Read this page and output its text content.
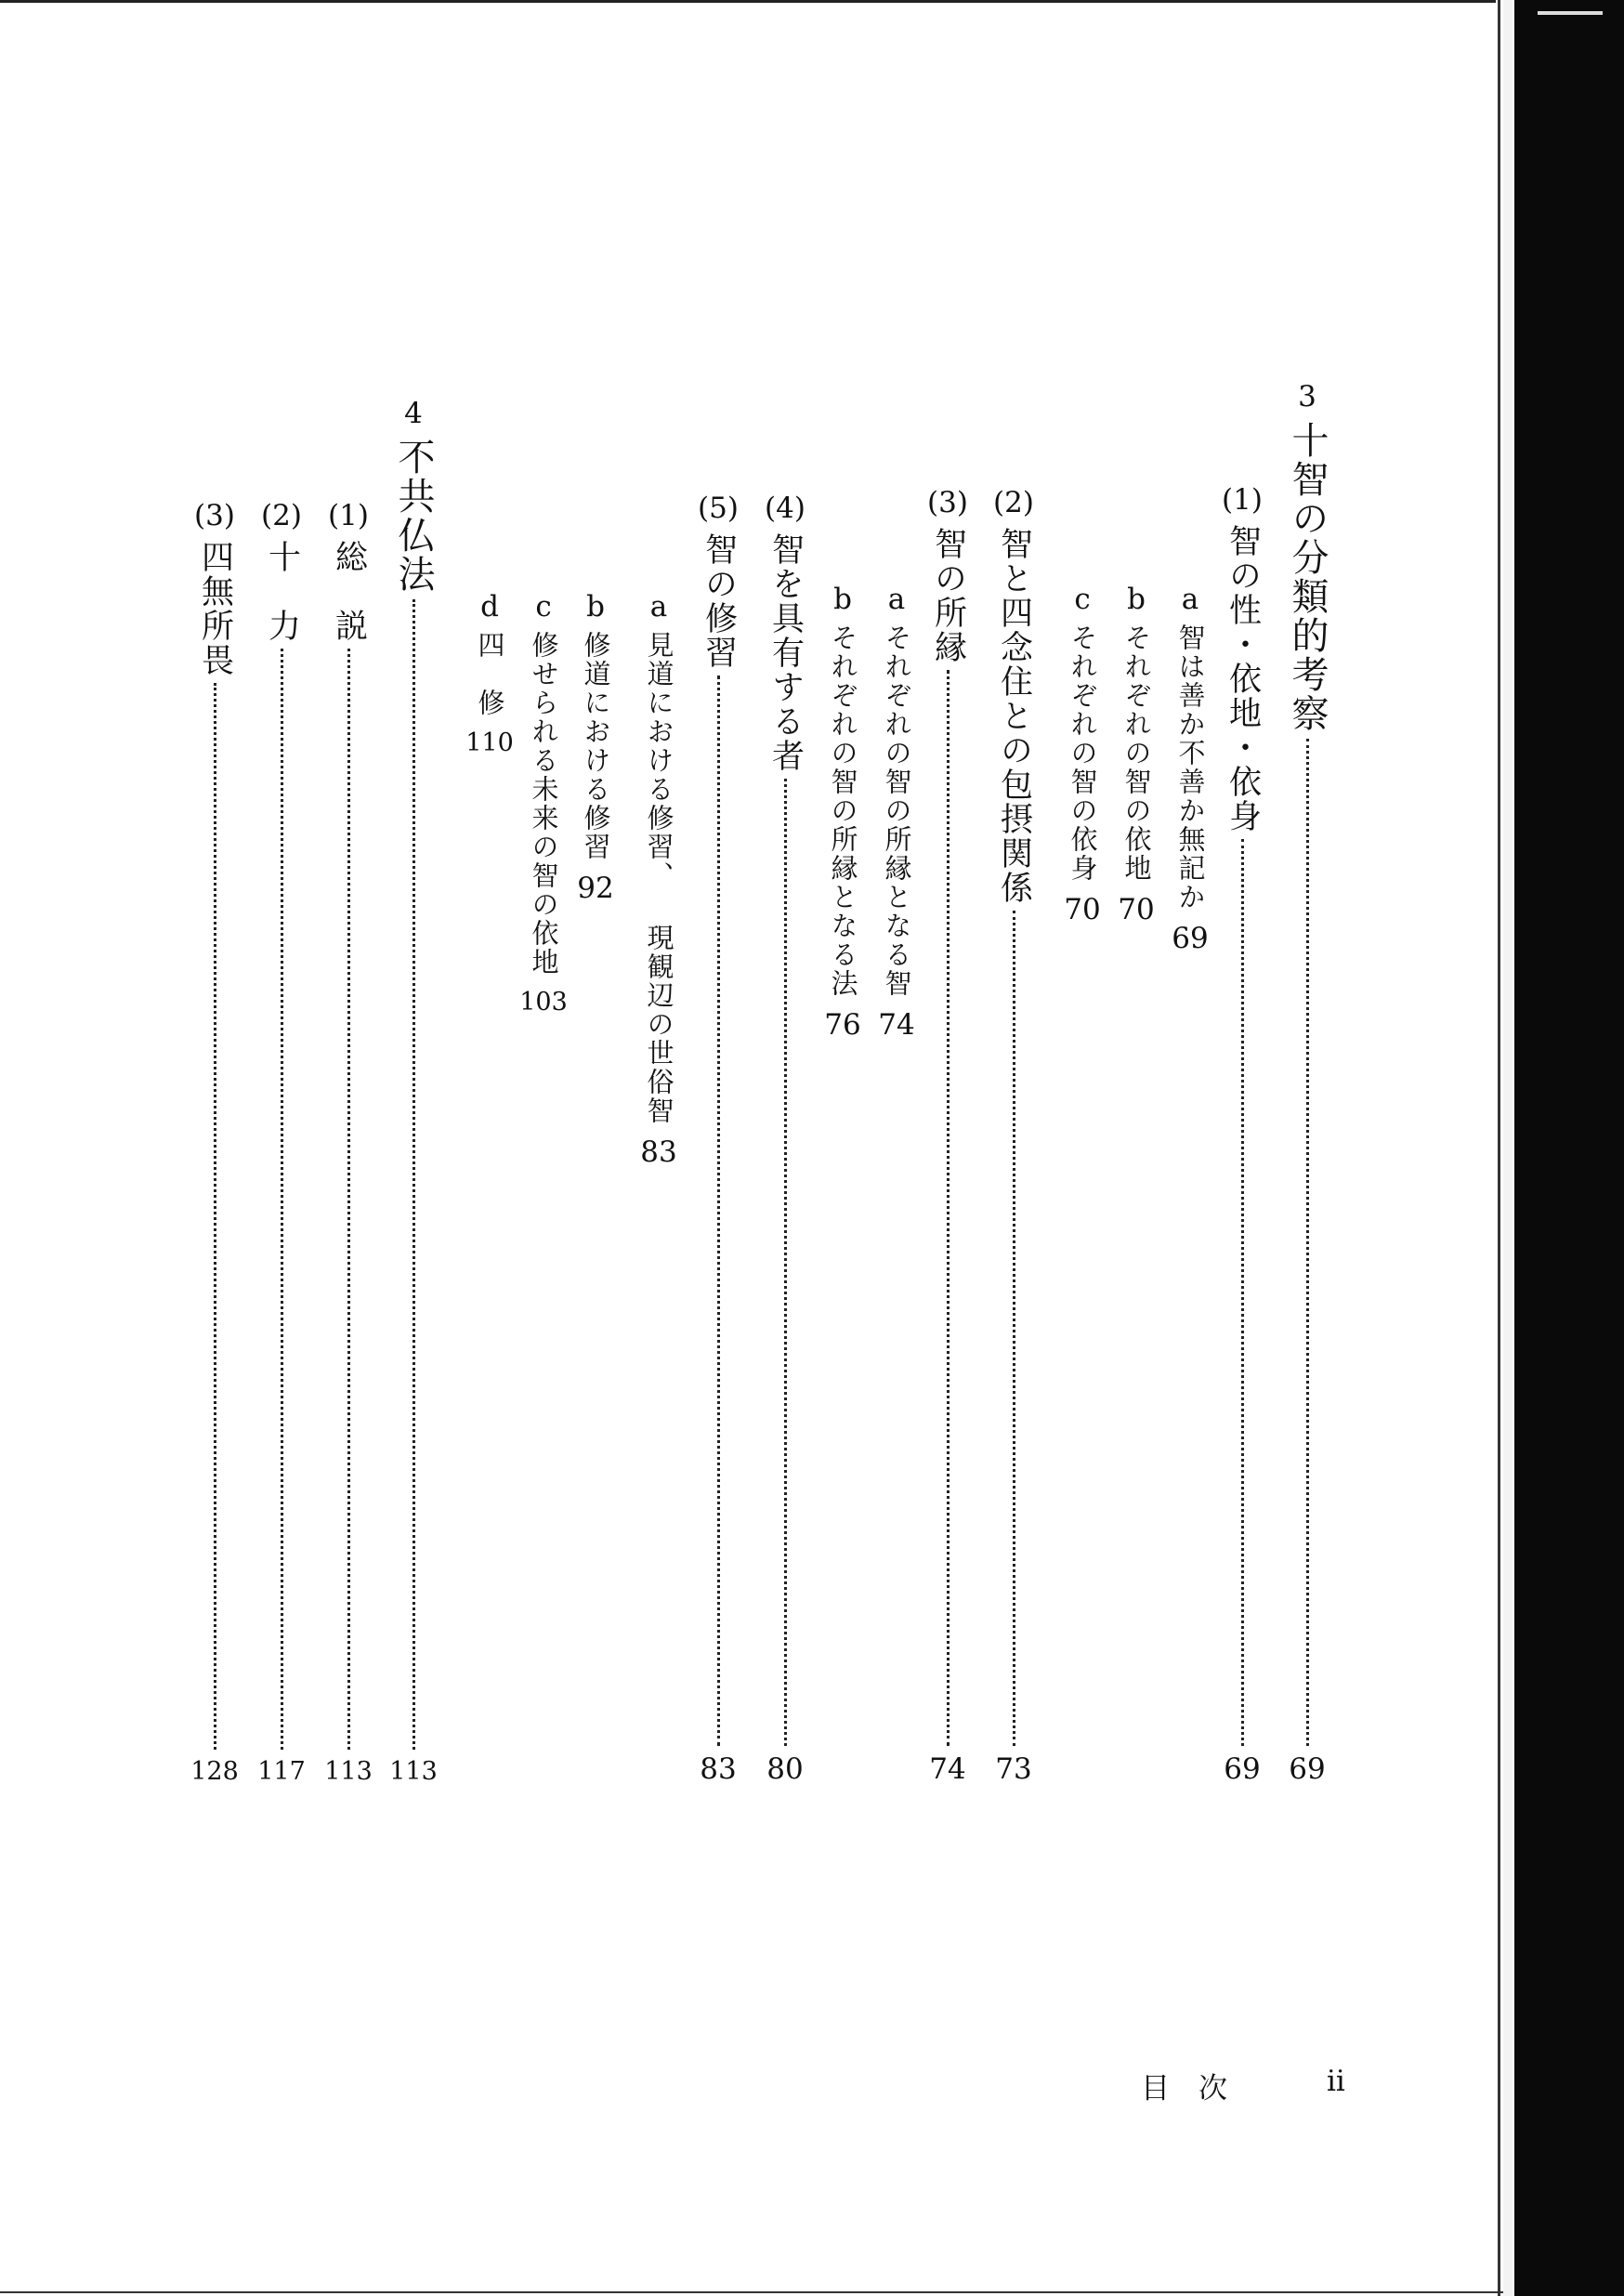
3
十智の分類的考察
69
(1)
智の性・依地・依身
69
a
智は善か不善か無記か
69
b
それぞれの智の依地
70
c
それぞれの智の依身
70
(2)
智と四念住との包摂関係
73
(3)
智の所縁
74
a
それぞれの智の所縁となる智
74
b
それぞれの智の所縁となる法
76
(4)
智を具有する者
80
(5)
智の修習
83
a
見道における修習、 現観辺の世俗智
83
b
修道における修習
92
c
修せられる未来の智の依地
103
d
四　修
110
4
不共仏法
113
(1)
総　説
113
(2)
十　力
117
(3)
四無所畏
128
目　次	ii
